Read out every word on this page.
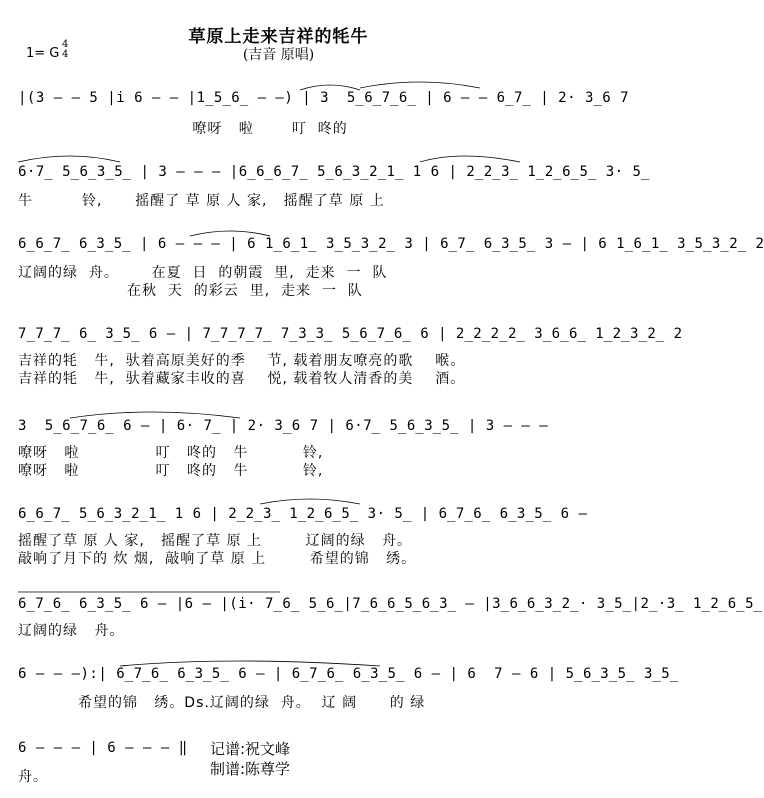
草原上走来吉祥的牦牛
(吉音 原唱)
1= G
4
4
|(3 – – 5 |i 6 – – |1̲5̲6̲ – –) | 3  5̲6̲7̲6̲ | 6 – – 6̲7̲ | 2· 3̲6 7
嘹呀   啦       叮  咚的
6·7̲ 5̲6̲3̲5̲ | 3 – – – |6̲6̲6̲7̲ 5̲6̲3̲2̲1̲ 1 6 | 2̲2̲3̲ 1̲2̲6̲5̲ 3· 5̲
牛         铃,      摇醒了 草 原 人 家,   摇醒了草 原 上
6̲6̲7̲ 6̲3̲5̲ | 6 – – – | 6 1̲6̲1̲ 3̲5̲3̲2̲ 3 | 6̲7̲ 6̲3̲5̲ 3 – | 6 1̲6̲1̲ 3̲5̲3̲2̲ 2
辽阔的绿  舟。      在夏  日  的朝霞  里,  走来  一  队
在秋  天  的彩云  里,  走来  一  队
7̲7̲7̲ 6̲ 3̲5̲ 6 – | 7̲7̲7̲7̲ 7̲3̲3̲ 5̲6̲7̲6̲ 6 | 2̲2̲2̲2̲ 3̲6̲6̲ 1̲2̲3̲2̲ 2
吉祥的牦   牛,  驮着高原美好的季    节, 载着朋友嘹亮的歌    喉。
吉祥的牦   牛,  驮着藏家丰收的喜    悦, 载着牧人清香的美    酒。
3  5̲6̲7̲6̲ 6 – | 6· 7̲ | 2· 3̲6 7 | 6·7̲ 5̲6̲3̲5̲ | 3 – – –
嘹呀   啦              叮   咚的   牛          铃,
嘹呀   啦              叮   咚的   牛          铃,
6̲6̲7̲ 5̲6̲3̲2̲1̲ 1 6 | 2̲2̲3̲ 1̲2̲6̲5̲ 3· 5̲ | 6̲7̲6̲ 6̲3̲5̲ 6 –
摇醒了草 原 人 家,   摇醒了草 原 上        辽阔的绿   舟。
敲响了月下的 炊 烟,  敲响了草 原 上        希望的锦   绣。
6̲7̲6̲ 6̲3̲5̲ 6 – |6 – |(i· 7̲6̲ 5̲6̲|7̲6̲6̲5̲6̲3̲ – |3̲6̲6̲3̲2̲· 3̲5̲|2̲·3̲ 1̲2̲6̲5̲
辽阔的绿   舟。
6 – – –):| 6̲7̲6̲ 6̲3̲5̲ 6 – | 6̲7̲6̲ 6̲3̲5̲ 6 – | 6  7 – 6 | 5̲6̲3̲5̲ 3̲5̲
希望的锦   绣。Ds.辽阔的绿  舟。  辽 阔      的 绿
6 – – – | 6 – – – ‖
舟。
记谱:祝文峰
制谱:陈尊学
